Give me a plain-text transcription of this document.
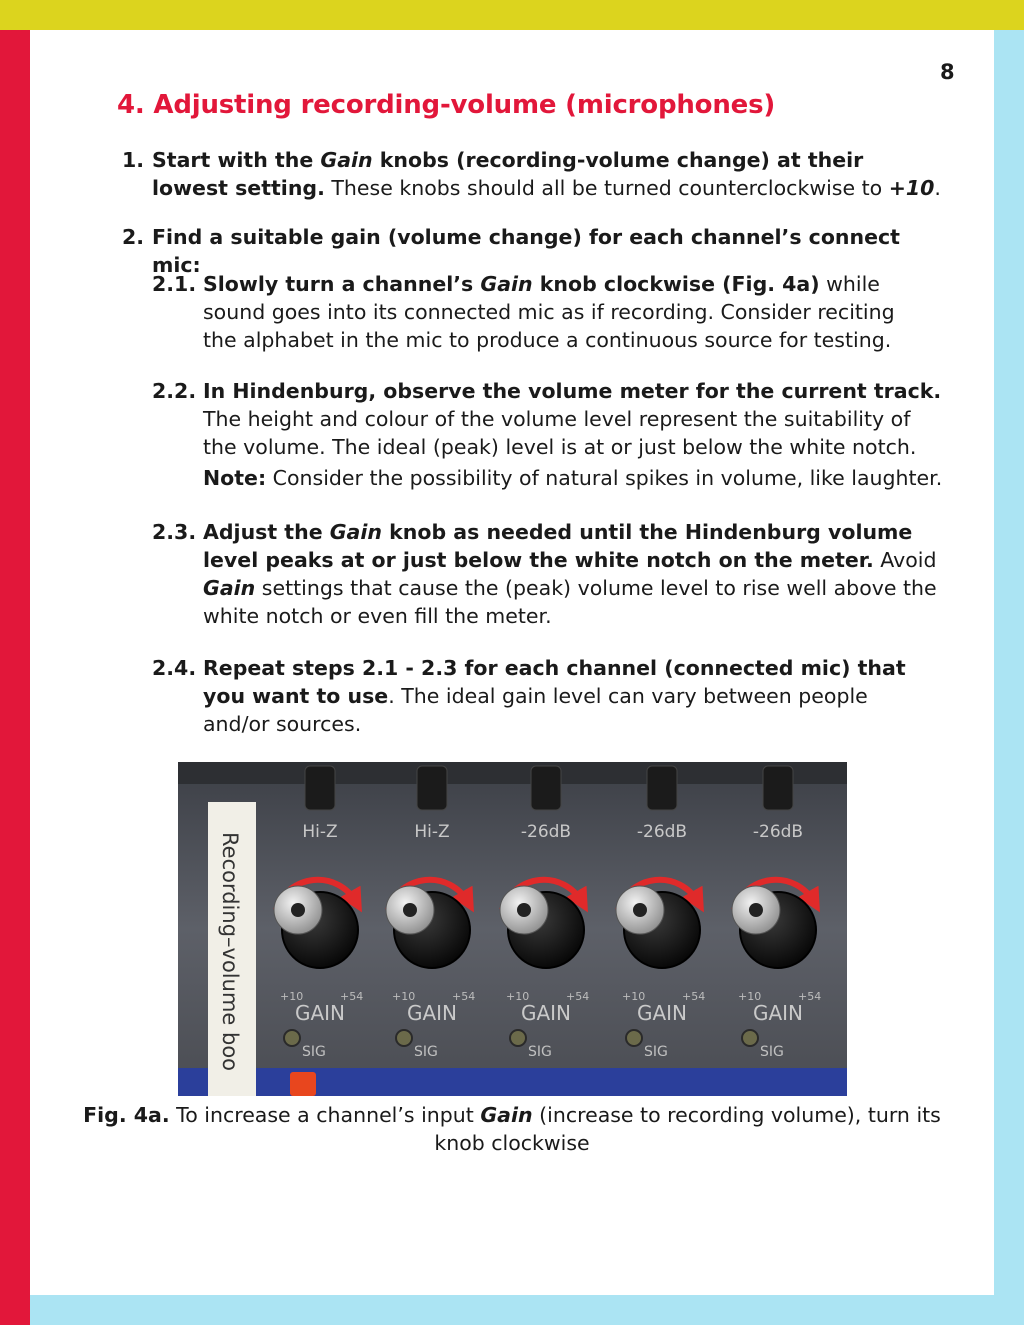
8
4. Adjusting recording-volume (microphones)
1. Start with the Gain knobs (recording-volume change) at their lowest setting. These knobs should all be turned counterclockwise to +10.
2. Find a suitable gain (volume change) for each channel’s connect mic:
2.1. Slowly turn a channel’s Gain knob clockwise (Fig. 4a) while sound goes into its connected mic as if recording. Consider reciting the alphabet in the mic to produce a continuous source for testing.
2.2. In Hindenburg, observe the volume meter for the current track. The height and colour of the volume level represent the suitability of the volume. The ideal (peak) level is at or just below the white notch.
Note: Consider the possibility of natural spikes in volume, like laughter.
2.3. Adjust the Gain knob as needed until the Hindenburg volume level peaks at or just below the white notch on the meter. Avoid Gain settings that cause the (peak) volume level to rise well above the white notch or even fill the meter.
2.4. Repeat steps 2.1 - 2.3 for each channel (connected mic) that you want to use. The ideal gain level can vary between people and/or sources.
Recording–volume boo	Hi-Z
+10	+54
GAIN
SIG
Hi-Z
+10	+54
GAIN
SIG
-26dB
+10	+54
GAIN
SIG
-26dB
+10	+54
GAIN
SIG
-26dB
+10	+54
GAIN
SIG
Fig. 4a. To increase a channel’s input Gain (increase to recording volume), turn its knob clockwise
